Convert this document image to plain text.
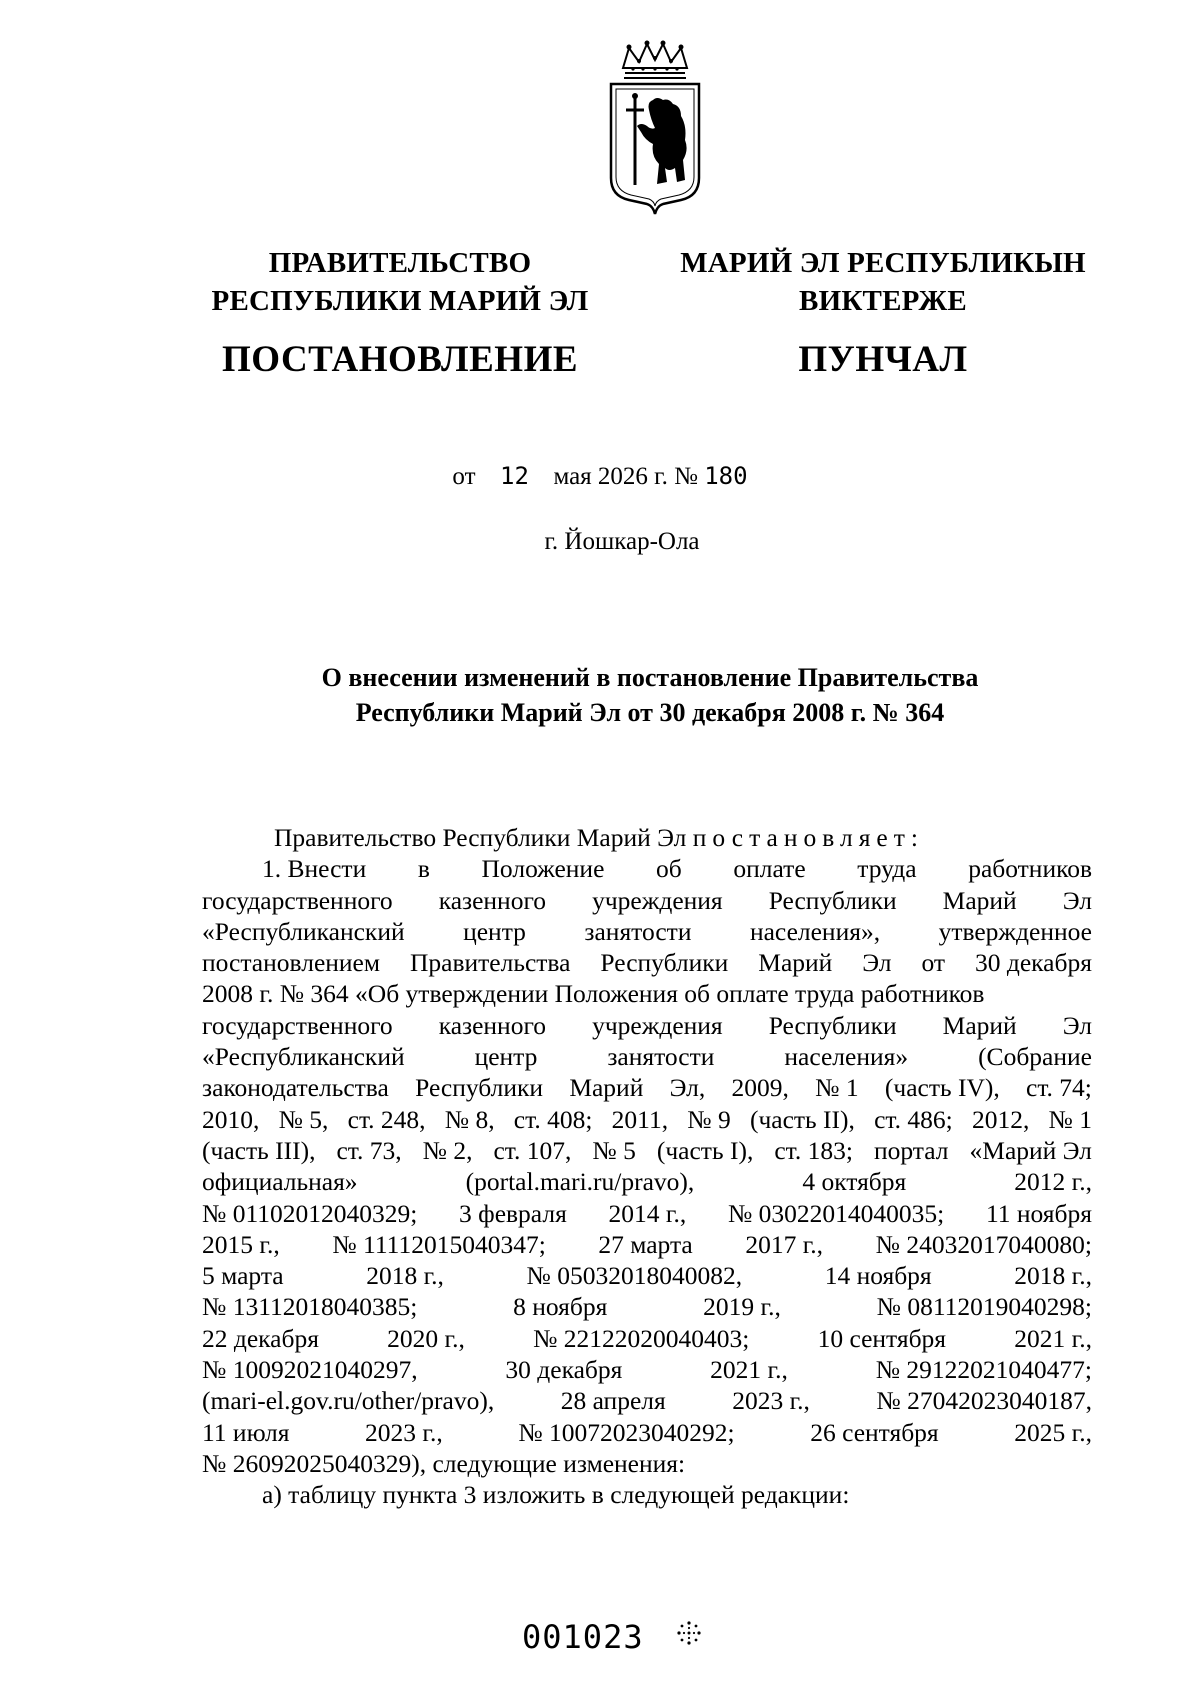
ПРАВИТЕЛЬСТВО
РЕСПУБЛИКИ МАРИЙ ЭЛ
ПОСТАНОВЛЕНИЕ
МАРИЙ ЭЛ РЕСПУБЛИКЫН
ВИКТЕРЖЕ
ПУНЧАЛ
от 12 мая 2026 г. № 180
г. Йошкар-Ола
О внесении изменений в постановление Правительства
Республики Марий Эл от 30 декабря 2008 г. № 364
Правительство Республики Марий Эл постановляет:
1. Внести в Положение об оплате труда работников
государственного казенного учреждения Республики Марий Эл
«Республиканский центр занятости населения», утвержденное
постановлением Правительства Республики Марий Эл от 30 декабря
2008 г. № 364 «Об утверждении Положения об оплате труда работников
государственного казенного учреждения Республики Марий Эл
«Республиканский	центр	занятости	населения»	(Собрание
законодательства Республики Марий Эл, 2009, № 1 (часть IV), ст. 74;
2010, № 5, ст. 248, № 8, ст. 408; 2011, № 9 (часть II), ст. 486; 2012, № 1
(часть III), ст. 73, № 2, ст. 107, № 5 (часть I), ст. 183; портал «Марий Эл
официальная»	(portal.mari.ru/pravo),	4 октября	2012 г.,
№ 01102012040329; 3 февраля 2014 г., № 03022014040035; 11 ноября
2015 г., № 11112015040347; 27 марта 2017 г., № 24032017040080;
5 марта	2018 г.,	№ 05032018040082,	14 ноября	2018 г.,
№ 13112018040385;	8 ноября	2019 г.,	№ 08112019040298;
22 декабря	2020 г.,	№ 22122020040403;	10 сентября	2021 г.,
№ 10092021040297,	30 декабря	2021 г.,	№ 29122021040477;
(mari-el.gov.ru/other/pravo),	28 апреля	2023 г.,	№ 27042023040187,
11 июля	2023 г.,	№ 10072023040292;	26 сентября	2025 г.,
№ 26092025040329), следующие изменения:
а) таблицу пункта 3 изложить в следующей редакции:
001023
